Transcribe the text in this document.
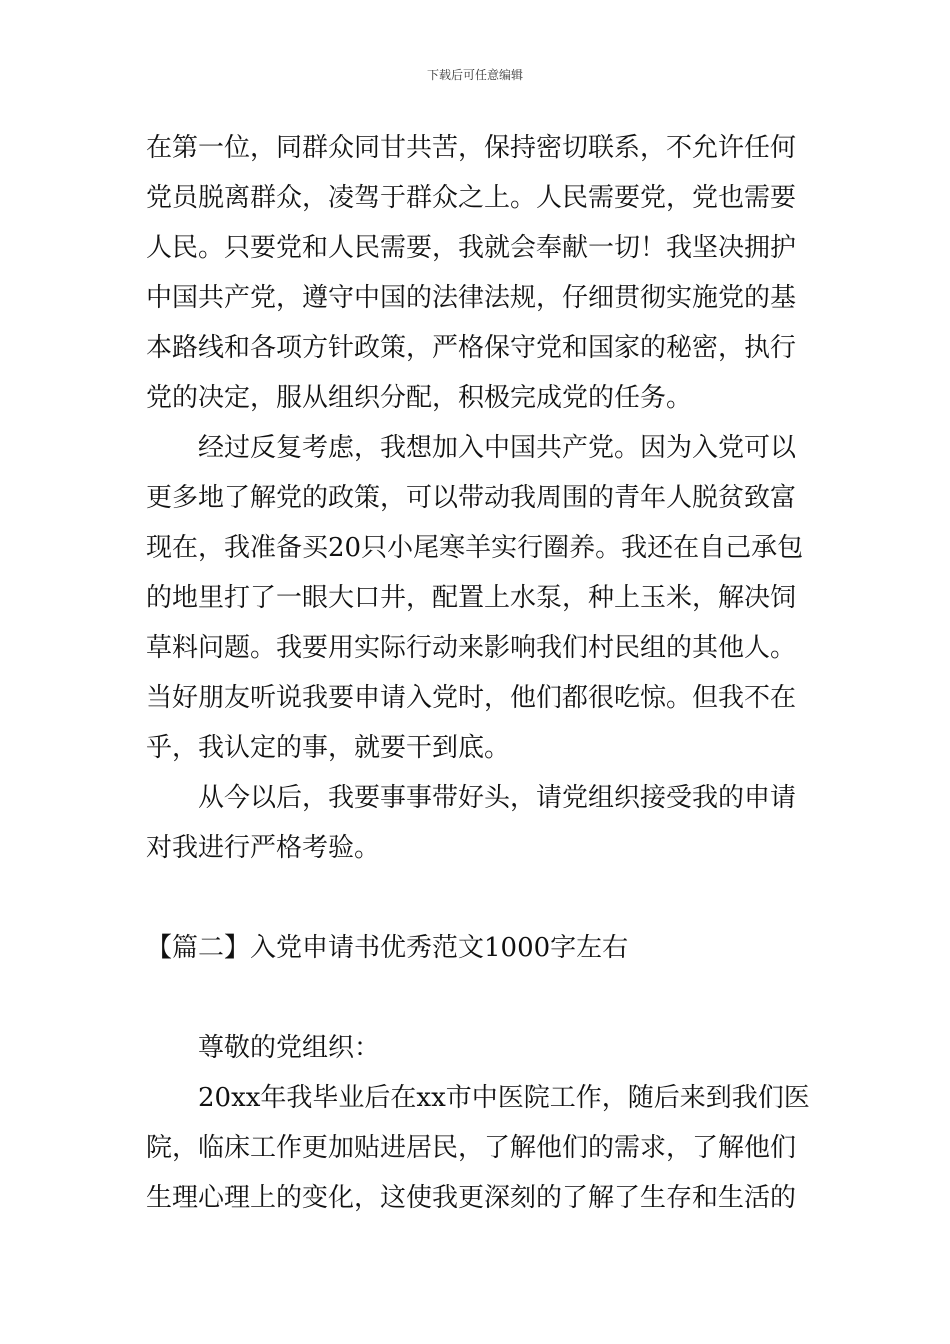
下载后可任意编辑
在第一位，同群众同甘共苦，保持密切联系，不允许任何
党员脱离群众，凌驾于群众之上。人民需要党，党也需要
人民。只要党和人民需要，我就会奉献一切！我坚决拥护
中国共产党，遵守中国的法律法规，仔细贯彻实施党的基
本路线和各项方针政策，严格保守党和国家的秘密，执行
党的决定，服从组织分配，积极完成党的任务。
经过反复考虑，我想加入中国共产党。因为入党可以
更多地了解党的政策，可以带动我周围的青年人脱贫致富
现在，我准备买20只小尾寒羊实行圈养。我还在自己承包
的地里打了一眼大口井，配置上水泵，种上玉米，解决饲
草料问题。我要用实际行动来影响我们村民组的其他人。
当好朋友听说我要申请入党时，他们都很吃惊。但我不在
乎，我认定的事，就要干到底。
从今以后，我要事事带好头，请党组织接受我的申请
对我进行严格考验。
【篇二】入党申请书优秀范文1000字左右
尊敬的党组织：
20xx年我毕业后在xx市中医院工作，随后来到我们医
院，临床工作更加贴进居民，了解他们的需求，了解他们
生理心理上的变化，这使我更深刻的了解了生存和生活的
